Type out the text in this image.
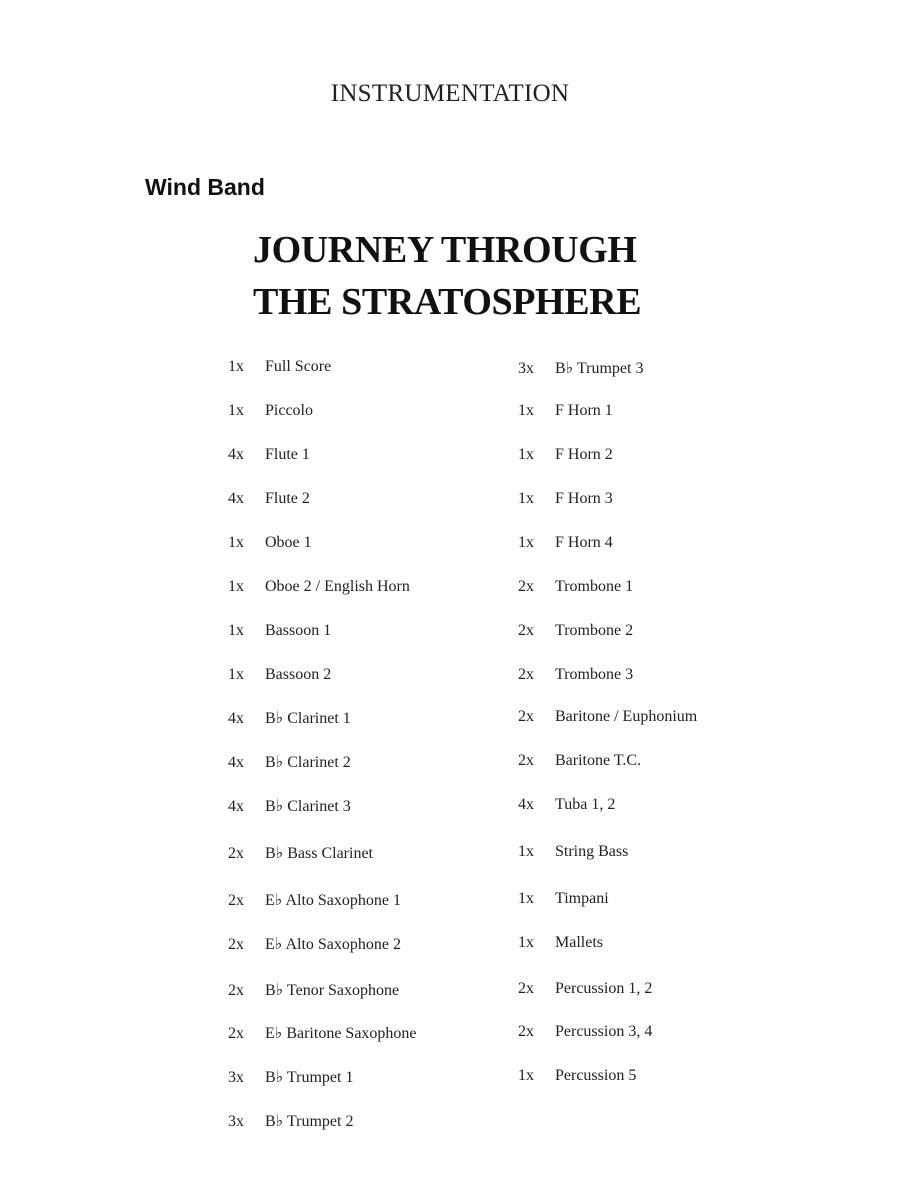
INSTRUMENTATION
Wind Band
JOURNEY THROUGH
THE STRATOSPHERE
1x Full Score
1x Piccolo
4x Flute 1
4x Flute 2
1x Oboe 1
1x Oboe 2 / English Horn
1x Bassoon 1
1x Bassoon 2
4x B♭ Clarinet 1
4x B♭ Clarinet 2
4x B♭ Clarinet 3
2x B♭ Bass Clarinet
2x E♭ Alto Saxophone 1
2x E♭ Alto Saxophone 2
2x B♭ Tenor Saxophone
2x E♭ Baritone Saxophone
3x B♭ Trumpet 1
3x B♭ Trumpet 2
3x B♭ Trumpet 3
1x F Horn 1
1x F Horn 2
1x F Horn 3
1x F Horn 4
2x Trombone 1
2x Trombone 2
2x Trombone 3
2x Baritone / Euphonium
2x Baritone T.C.
4x Tuba 1, 2
1x String Bass
1x Timpani
1x Mallets
2x Percussion 1, 2
2x Percussion 3, 4
1x Percussion 5
